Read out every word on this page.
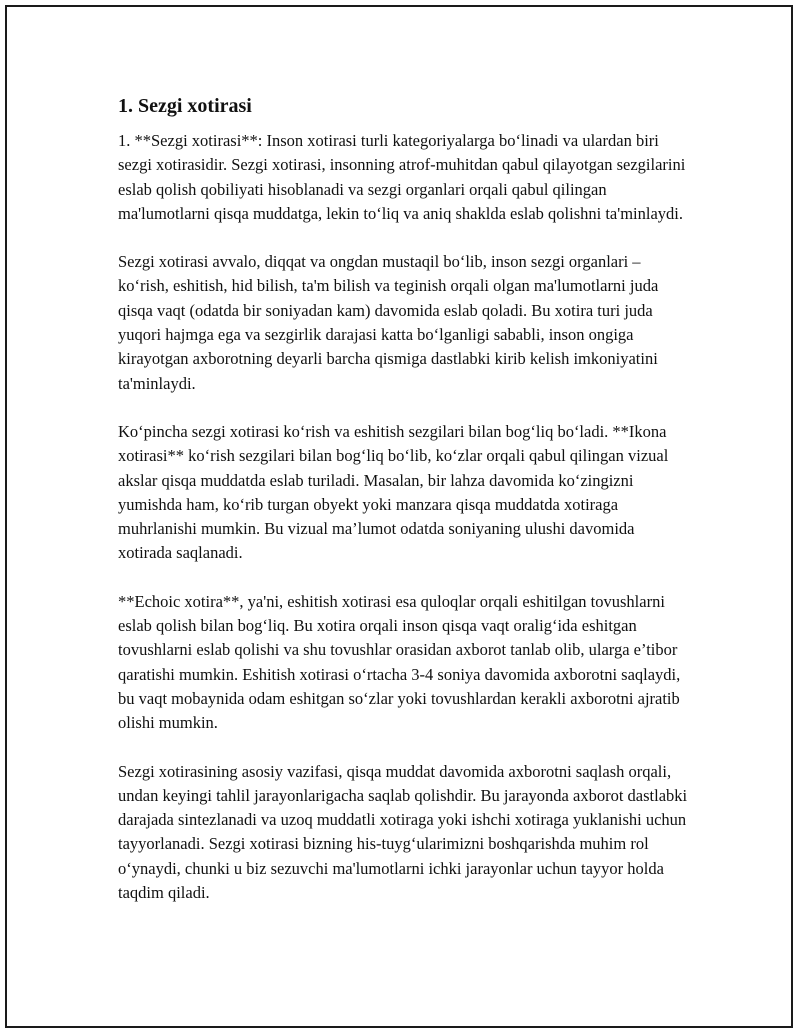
1. Sezgi xotirasi

1. **Sezgi xotirasi**: Inson xotirasi turli kategoriyalarga bo‘linadi va ulardan biri sezgi xotirasidir. Sezgi xotirasi, insonning atrof-muhitdan qabul qilayotgan sezgilarini eslab qolish qobiliyati hisoblanadi va sezgi organlari orqali qabul qilingan ma'lumotlarni qisqa muddatga, lekin to‘liq va aniq shaklda eslab qolishni ta'minlaydi.

Sezgi xotirasi avvalo, diqqat va ongdan mustaqil bo‘lib, inson sezgi organlari – ko‘rish, eshitish, hid bilish, ta'm bilish va teginish orqali olgan ma'lumotlarni juda qisqa vaqt (odatda bir soniyadan kam) davomida eslab qoladi. Bu xotira turi juda yuqori hajmga ega va sezgirlik darajasi katta bo‘lganligi sababli, inson ongiga kirayotgan axborotning deyarli barcha qismiga dastlabki kirib kelish imkoniyatini ta'minlaydi.

Ko‘pincha sezgi xotirasi ko‘rish va eshitish sezgilari bilan bog‘liq bo‘ladi. **Ikona xotirasi** ko‘rish sezgilari bilan bog‘liq bo‘lib, ko‘zlar orqali qabul qilingan vizual akslar qisqa muddatda eslab turiladi. Masalan, bir lahza davomida ko‘zingizni yumishda ham, ko‘rib turgan obyekt yoki manzara qisqa muddatda xotiraga muhrlanishi mumkin. Bu vizual ma’lumot odatda soniyaning ulushi davomida xotirada saqlanadi.

**Echoic xotira**, ya'ni, eshitish xotirasi esa quloqlar orqali eshitilgan tovushlarni eslab qolish bilan bog‘liq. Bu xotira orqali inson qisqa vaqt oralig‘ida eshitgan tovushlarni eslab qolishi va shu tovushlar orasidan axborot tanlab olib, ularga e’tibor qaratishi mumkin. Eshitish xotirasi o‘rtacha 3-4 soniya davomida axborotni saqlaydi, bu vaqt mobaynida odam eshitgan so‘zlar yoki tovushlardan kerakli axborotni ajratib olishi mumkin.

Sezgi xotirasining asosiy vazifasi, qisqa muddat davomida axborotni saqlash orqali, undan keyingi tahlil jarayonlarigacha saqlab qolishdir. Bu jarayonda axborot dastlabki darajada sintezlanadi va uzoq muddatli xotiraga yoki ishchi xotiraga yuklanishi uchun tayyorlanadi. Sezgi xotirasi bizning his-tuyg‘ularimizni boshqarishda muhim rol o‘ynaydi, chunki u biz sezuvchi ma'lumotlarni ichki jarayonlar uchun tayyor holda taqdim qiladi.
